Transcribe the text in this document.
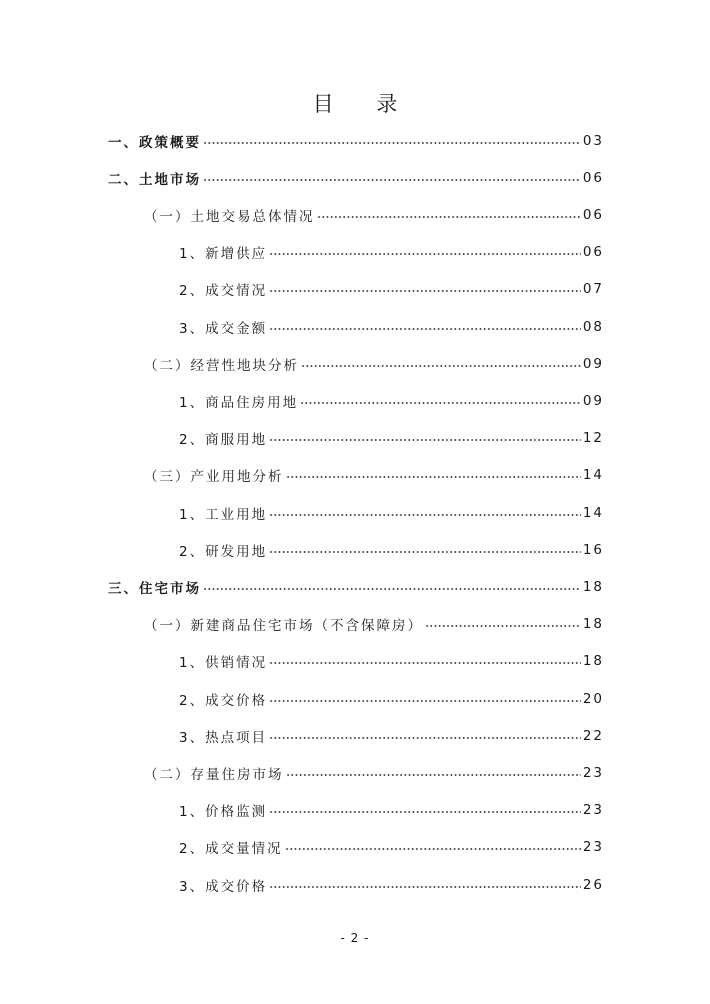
目 录
一、政策概要	03
二、土地市场	06
（一）土地交易总体情况	06
1、新增供应	06
2、成交情况	07
3、成交金额	08
（二）经营性地块分析	09
1、商品住房用地	09
2、商服用地	12
（三）产业用地分析	14
1、工业用地	14
2、研发用地	16
三、住宅市场	18
（一）新建商品住宅市场（不含保障房）	18
1、供销情况	18
2、成交价格	20
3、热点项目	22
（二）存量住房市场	23
1、价格监测	23
2、成交量情况	23
3、成交价格	26
- 2 -
